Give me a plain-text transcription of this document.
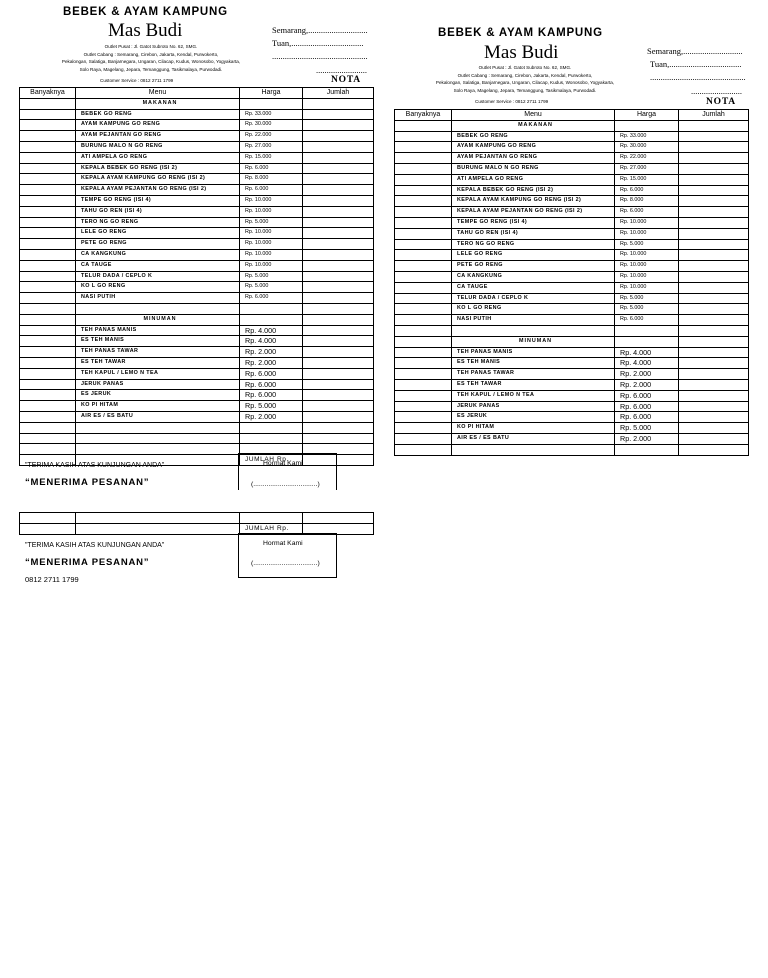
BEBEK & AYAM KAMPUNG
Mas Budi
Outlet Pusat : Jl. Gatot Subroto No. 62, SMG.
Outlet Cabang : Semarang, Cirebon, Jakarta, Kendal, Purwokerto,
Pekalongan, Salatiga, Banjarnegara, Ungaran, Cilacap, Kudus, Wonosobo, Yogyakarta,
Solo Raya, Magelang, Jepara, Temanggung, Tasikmalaya, Purwodadi.
Customer Service : 0812 2711 1799
Semarang,............................
Tuan,..................................
.............................................
........................
NOTA
Banyaknya	Menu	Harga	Jumlah
	MAKANAN		
	BEBEK GO RENG	Rp. 33.000	
	AYAM KAMPUNG GO RENG	Rp. 30.000	
	AYAM PEJANTAN GO RENG	Rp. 22.000	
	BURUNG MALO N GO RENG	Rp. 27.000	
	ATI AMPELA GO RENG	Rp. 15.000	
	KEPALA BEBEK GO RENG (ISI 2)	Rp. 6.000	
	KEPALA AYAM KAMPUNG GO RENG (ISI 2)	Rp. 8.000	
	KEPALA AYAM PEJANTAN GO RENG (ISI 2)	Rp. 6.000	
	TEMPE GO RENG (ISI 4)	Rp. 10.000	
	TAHU GO REN (ISI 4)	Rp. 10.000	
	TERO NG GO RENG	Rp. 5.000	
	LELE GO RENG	Rp. 10.000	
	PETE GO RENG	Rp. 10.000	
	CA KANGKUNG	Rp. 10.000	
	CA TAUGE	Rp. 10.000	
	TELUR DADA / CEPLO K	Rp. 5.000	
	KO L GO RENG	Rp. 5.000	
	NASI PUTIH	Rp. 6.000	

	MINUMAN		
	TEH PANAS MANIS	Rp. 4.000	
	ES TEH MANIS	Rp. 4.000	
	TEH PANAS TAWAR	Rp. 2.000	
	ES TEH TAWAR	Rp. 2.000	
	TEH KAPUL / LEMO N TEA	Rp. 6.000	
	JERUK PANAS	Rp. 6.000	
	ES JERUK	Rp. 6.000	
	KO PI HITAM	Rp. 5.000	
	AIR ES / ES BATU	Rp. 2.000	

		JUMLAH Rp.	
"TERIMA KASIH ATAS KUNJUNGAN ANDA"
“MENERIMA PESANAN”
Hormat Kami
(..................................)

		JUMLAH Rp.	
"TERIMA KASIH ATAS KUNJUNGAN ANDA"
“MENERIMA PESANAN”
Hormat Kami
(..................................)
0812 2711 1799
BEBEK & AYAM KAMPUNG
Mas Budi
Outlet Pusat : Jl. Gatot Subroto No. 62, SMG.
Outlet Cabang : Semarang, Cirebon, Jakarta, Kendal, Purwokerto,
Pekalongan, Salatiga, Banjarnegara, Ungaran, Cilacap, Kudus, Wonosobo, Yogyakarta,
Solo Raya, Magelang, Jepara, Temanggung, Tasikmalaya, Purwodadi.
Customer Service : 0812 2711 1799
Semarang,............................
Tuan,..................................
.............................................
........................
NOTA
Banyaknya	Menu	Harga	Jumlah
	MAKANAN		
	BEBEK GO RENG	Rp. 33.000	
	AYAM KAMPUNG GO RENG	Rp. 30.000	
	AYAM PEJANTAN GO RENG	Rp. 22.000	
	BURUNG MALO N GO RENG	Rp. 27.000	
	ATI AMPELA GO RENG	Rp. 15.000	
	KEPALA BEBEK GO RENG (ISI 2)	Rp. 6.000	
	KEPALA AYAM KAMPUNG GO RENG (ISI 2)	Rp. 8.000	
	KEPALA AYAM PEJANTAN GO RENG (ISI 2)	Rp. 6.000	
	TEMPE GO RENG (ISI 4)	Rp. 10.000	
	TAHU GO REN (ISI 4)	Rp. 10.000	
	TERO NG GO RENG	Rp. 5.000	
	LELE GO RENG	Rp. 10.000	
	PETE GO RENG	Rp. 10.000	
	CA KANGKUNG	Rp. 10.000	
	CA TAUGE	Rp. 10.000	
	TELUR DADA / CEPLO K	Rp. 5.000	
	KO L GO RENG	Rp. 5.000	
	NASI PUTIH	Rp. 6.000	

	MINUMAN		
	TEH PANAS MANIS	Rp. 4.000	
	ES TEH MANIS	Rp. 4.000	
	TEH PANAS TAWAR	Rp. 2.000	
	ES TEH TAWAR	Rp. 2.000	
	TEH KAPUL / LEMO N TEA	Rp. 6.000	
	JERUK PANAS	Rp. 6.000	
	ES JERUK	Rp. 6.000	
	KO PI HITAM	Rp. 5.000	
	AIR ES / ES BATU	Rp. 2.000	
